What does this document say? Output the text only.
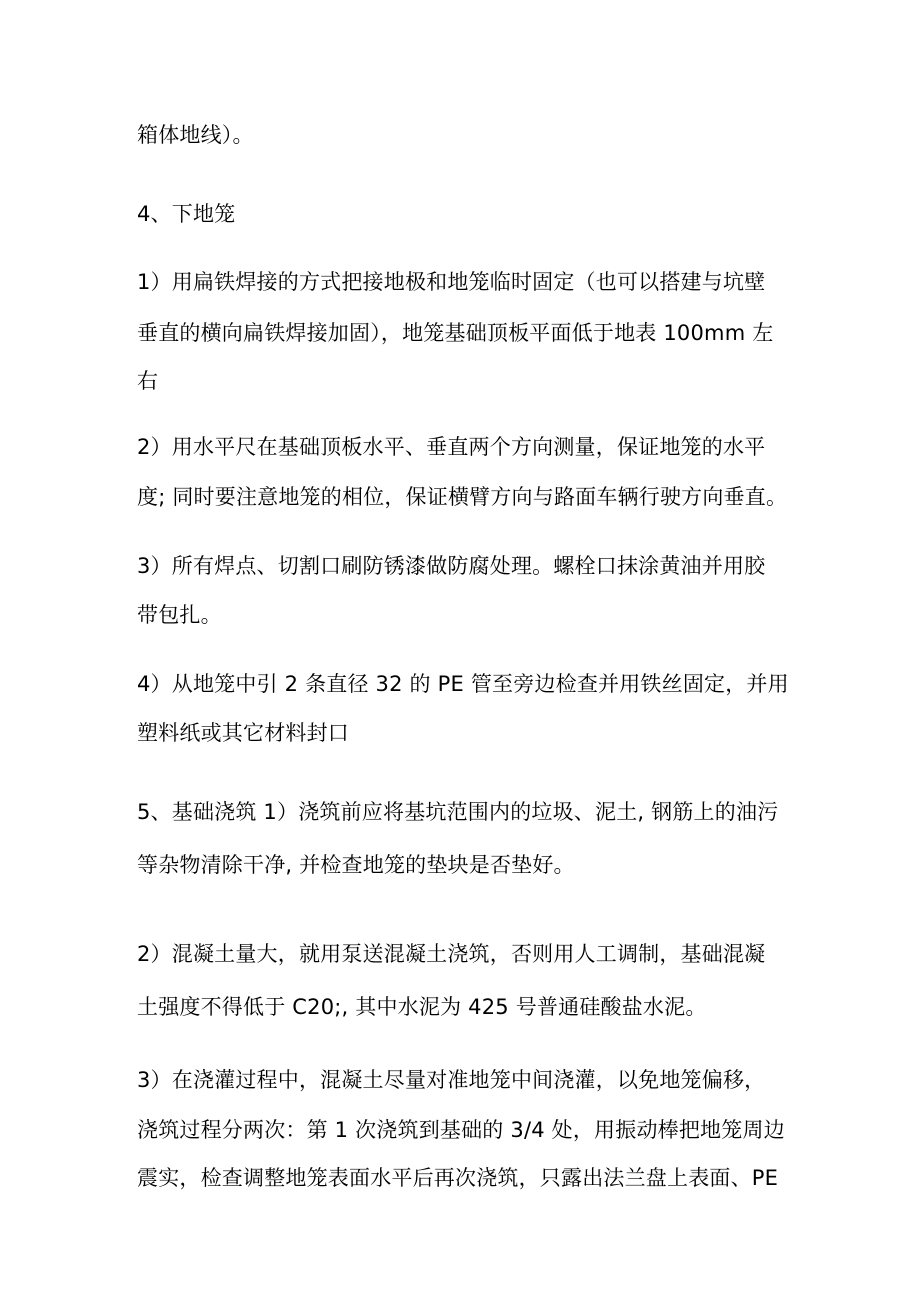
箱体地线）。

4、下地笼

1）用扁铁焊接的方式把接地极和地笼临时固定（也可以搭建与坑壁

垂直的横向扁铁焊接加固），地笼基础顶板平面低于地表 100mm 左

右

2）用水平尺在基础顶板水平、垂直两个方向测量，保证地笼的水平

度; 同时要注意地笼的相位，保证横臂方向与路面车辆行驶方向垂直。

3）所有焊点、切割口刷防锈漆做防腐处理。螺栓口抹涂黄油并用胶

带包扎。

4）从地笼中引 2 条直径 32 的 PE 管至旁边检查并用铁丝固定，并用

塑料纸或其它材料封口

5、基础浇筑 1）浇筑前应将基坑范围内的垃圾、泥土, 钢筋上的油污

等杂物清除干净, 并检查地笼的垫块是否垫好。

2）混凝土量大，就用泵送混凝土浇筑，否则用人工调制，基础混凝

土强度不得低于 C20;, 其中水泥为 425 号普通硅酸盐水泥。

3）在浇灌过程中，混凝土尽量对准地笼中间浇灌，以免地笼偏移，

浇筑过程分两次：第 1 次浇筑到基础的 3/4 处，用振动棒把地笼周边

震实，检查调整地笼表面水平后再次浇筑，只露出法兰盘上表面、PE
